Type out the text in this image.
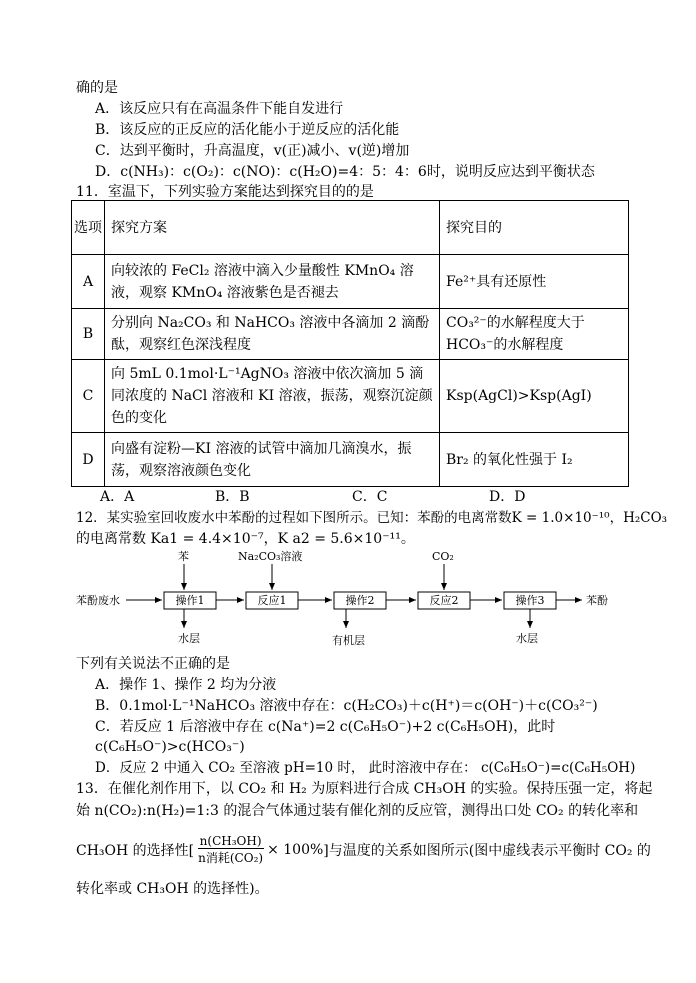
确的是
A．该反应只有在高温条件下能自发进行
B．该反应的正反应的活化能小于逆反应的活化能
C．达到平衡时，升高温度，v(正)减小、v(逆)增加
D．c(NH₃)：c(O₂)：c(NO)：c(H₂O)=4：5：4：6时，说明反应达到平衡状态
11．室温下，下列实验方案能达到探究目的的是
选项	探究方案	探究目的
A	向较浓的 FeCl₂ 溶液中滴入少量酸性 KMnO₄ 溶液，观察 KMnO₄ 溶液紫色是否褪去	Fe²⁺具有还原性
B	分别向 Na₂CO₃ 和 NaHCO₃ 溶液中各滴加 2 滴酚酞，观察红色深浅程度	CO₃²⁻的水解程度大于HCO₃⁻的水解程度
C	向 5mL 0.1mol·L⁻¹AgNO₃ 溶液中依次滴加 5 滴同浓度的 NaCl 溶液和 KI 溶液，振荡，观察沉淀颜色的变化	Ksp(AgCl)>Ksp(AgI)
D	向盛有淀粉—KI 溶液的试管中滴加几滴溴水，振荡，观察溶液颜色变化	Br₂ 的氧化性强于 I₂
A．A	B．B	C．C	D．D
12．某实验室回收废水中苯酚的过程如下图所示。已知：苯酚的电离常数K = 1.0×10⁻¹⁰，H₂CO₃
的电离常数 Ka1 = 4.4×10⁻⁷，K a2 = 5.6×10⁻¹¹。
苯酚废水	操作1	反应1	操作2	反应2	操作3	苯酚
苯	Na₂CO₃溶液	CO₂
水层	有机层	水层
下列有关说法不正确的是
A．操作 1、操作 2 均为分液
B．0.1mol·L⁻¹NaHCO₃ 溶液中存在：c(H₂CO₃)＋c(H⁺)＝c(OH⁻)＋c(CO₃²⁻)
C．若反应 1 后溶液中存在 c(Na⁺)=2 c(C₆H₅O⁻)+2 c(C₆H₅OH)，此时
c(C₆H₅O⁻)>c(HCO₃⁻)
D．反应 2 中通入 CO₂ 至溶液 pH=10 时， 此时溶液中存在： c(C₆H₅O⁻)=c(C₆H₅OH)
13．在催化剂作用下，以 CO₂ 和 H₂ 为原料进行合成 CH₃OH 的实验。保持压强一定，将起
始 n(CO₂):n(H₂)=1:3 的混合气体通过装有催化剂的反应管，测得出口处 CO₂ 的转化率和
CH₃OH 的选择性[
n(CH₃OH)
n消耗(CO₂) × 100% ]与温度的关系如图所示(图中虚线表示平衡时 CO₂ 的
转化率或 CH₃OH 的选择性)。
